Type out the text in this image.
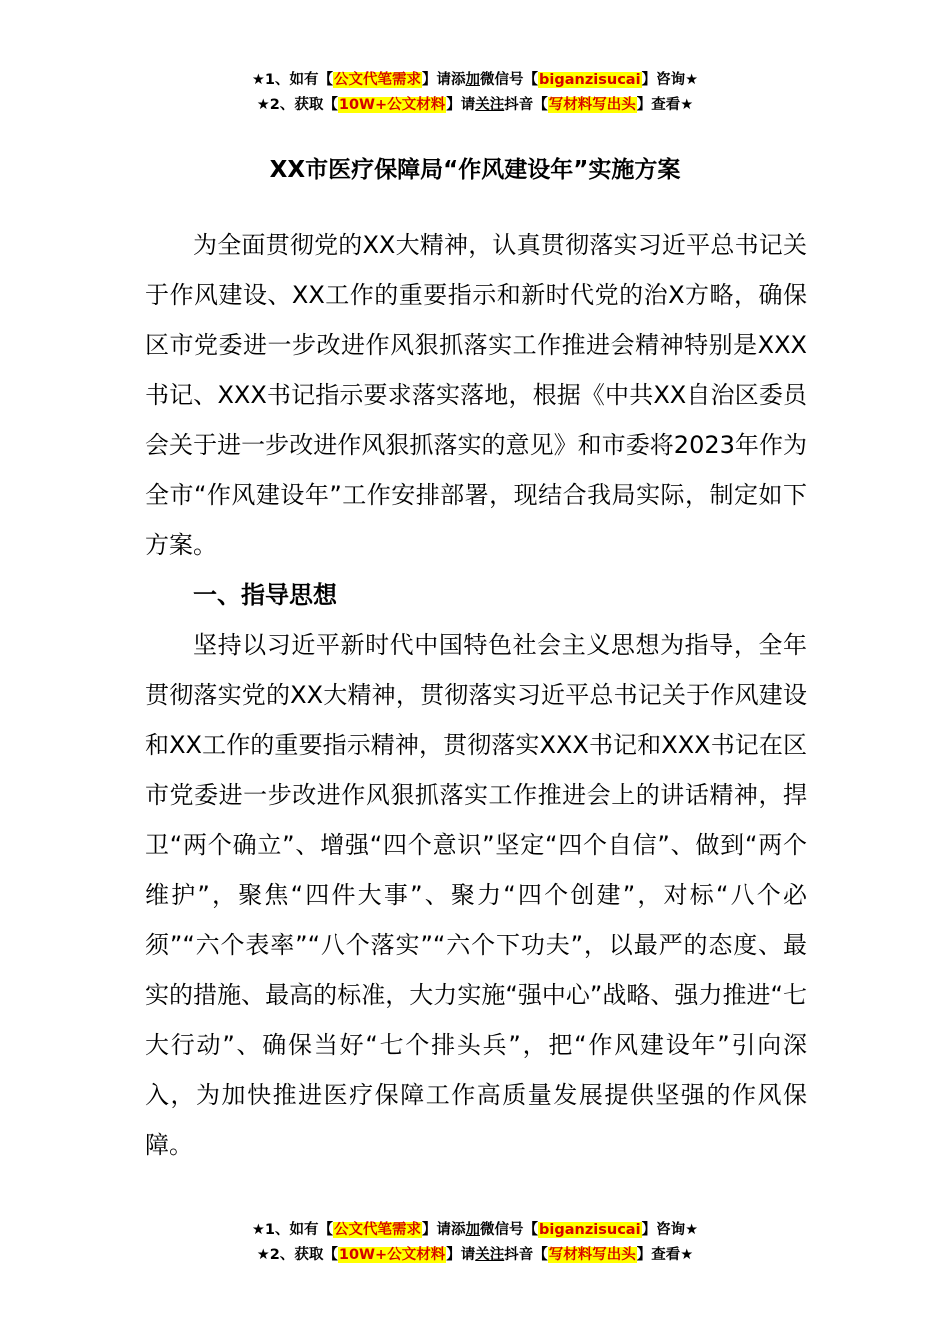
★1、如有【公文代笔需求】请添加微信号【biganzisucai】咨询★
★2、获取【10W+公文材料】请关注抖音【写材料写出头】查看★
XX市医疗保障局“作风建设年”实施方案

为全面贯彻党的XX大精神，认真贯彻落实习近平总书记关于作风建设、XX工作的重要指示和新时代党的治X方略，确保区市党委进一步改进作风狠抓落实工作推进会精神特别是XXX书记、XXX书记指示要求落实落地，根据《中共XX自治区委员会关于进一步改进作风狠抓落实的意见》和市委将2023年作为全市“作风建设年”工作安排部署，现结合我局实际，制定如下方案。

一、指导思想

坚持以习近平新时代中国特色社会主义思想为指导，全年贯彻落实党的XX大精神，贯彻落实习近平总书记关于作风建设和XX工作的重要指示精神，贯彻落实XXX书记和XXX书记在区市党委进一步改进作风狠抓落实工作推进会上的讲话精神，捍卫“两个确立”、增强“四个意识”坚定“四个自信”、做到“两个维护”，聚焦“四件大事”、聚力“四个创建”，对标“八个必须”“六个表率”“八个落实”“六个下功夫”，以最严的态度、最实的措施、最高的标准，大力实施“强中心”战略、强力推进“七大行动”、确保当好“七个排头兵”，把“作风建设年”引向深入，为加快推进医疗保障工作高质量发展提供坚强的作风保障。

★1、如有【公文代笔需求】请添加微信号【biganzisucai】咨询★
★2、获取【10W+公文材料】请关注抖音【写材料写出头】查看★
